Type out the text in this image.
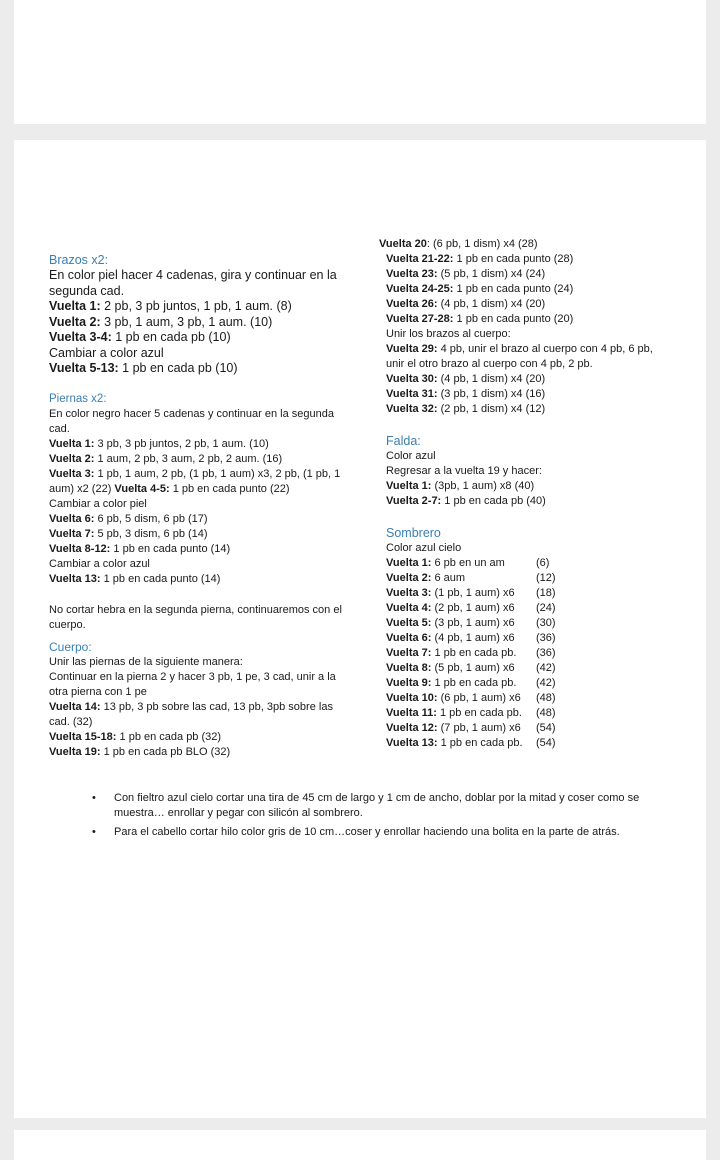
Brazos x2:
En color piel hacer 4 cadenas, gira y continuar en la segunda cad.
Vuelta 1: 2 pb, 3 pb juntos, 1 pb, 1 aum. (8)
Vuelta 2: 3 pb, 1 aum, 3 pb, 1 aum. (10)
Vuelta 3-4: 1 pb en cada pb (10)
Cambiar a color azul
Vuelta 5-13: 1 pb en cada pb (10)
Piernas x2:
En color negro hacer 5 cadenas y continuar en la segunda cad.
Vuelta 1: 3 pb, 3 pb juntos, 2 pb, 1 aum. (10)
Vuelta 2: 1 aum, 2 pb, 3 aum, 2 pb, 2 aum. (16)
Vuelta 3: 1 pb, 1 aum, 2 pb, (1 pb, 1 aum) x3, 2 pb, (1 pb, 1 aum) x2 (22) Vuelta 4-5: 1 pb en cada punto (22)
Cambiar a color piel
Vuelta 6: 6 pb, 5 dism, 6 pb (17)
Vuelta 7: 5 pb, 3 dism, 6 pb (14)
Vuelta 8-12: 1 pb en cada punto (14)
Cambiar a color azul
Vuelta 13: 1 pb en cada punto (14)
No cortar hebra en la segunda pierna, continuaremos con el cuerpo.
Cuerpo:
Unir las piernas de la siguiente manera:
Continuar en la pierna 2 y hacer 3 pb, 1 pe, 3 cad, unir a la otra pierna con 1 pe
Vuelta 14: 13 pb, 3 pb sobre las cad, 13 pb, 3pb sobre las cad. (32)
Vuelta 15-18: 1 pb en cada pb (32)
Vuelta 19: 1 pb en cada pb BLO (32)
Vuelta 20: (6 pb, 1 dism) x4 (28)
Vuelta 21-22: 1 pb en cada punto (28)
Vuelta 23: (5 pb, 1 dism) x4 (24)
Vuelta 24-25: 1 pb en cada punto (24)
Vuelta 26: (4 pb, 1 dism) x4 (20)
Vuelta 27-28: 1 pb en cada punto (20)
Unir los brazos al cuerpo:
Vuelta 29: 4 pb, unir el brazo al cuerpo con 4 pb, 6 pb, unir el otro brazo al cuerpo con 4 pb, 2 pb.
Vuelta 30: (4 pb, 1 dism) x4 (20)
Vuelta 31: (3 pb, 1 dism) x4 (16)
Vuelta 32: (2 pb, 1 dism) x4 (12)
Falda:
Color azul
Regresar a la vuelta 19 y hacer:
Vuelta 1: (3pb, 1 aum) x8 (40)
Vuelta 2-7: 1 pb en cada pb (40)
Sombrero
Color azul cielo
Vuelta 1: 6 pb en un am	(6)
Vuelta 2: 6 aum	(12)
Vuelta 3: (1 pb, 1 aum) x6	(18)
Vuelta 4: (2 pb, 1 aum) x6	(24)
Vuelta 5: (3 pb, 1 aum) x6	(30)
Vuelta 6: (4 pb, 1 aum) x6	(36)
Vuelta 7: 1 pb en cada pb.	(36)
Vuelta 8: (5 pb, 1 aum) x6	(42)
Vuelta 9: 1 pb en cada pb.	(42)
Vuelta 10: (6 pb, 1 aum) x6	(48)
Vuelta 11: 1 pb en cada pb.	(48)
Vuelta 12: (7 pb, 1 aum) x6	(54)
Vuelta 13: 1 pb en cada pb.	(54)
• Con fieltro azul cielo cortar una tira de 45 cm de largo y 1 cm de ancho, doblar por la mitad y coser como se muestra… enrollar y pegar con silicón al sombrero.
• Para el cabello cortar hilo color gris de 10 cm…coser y enrollar haciendo una bolita en la parte de atrás.
